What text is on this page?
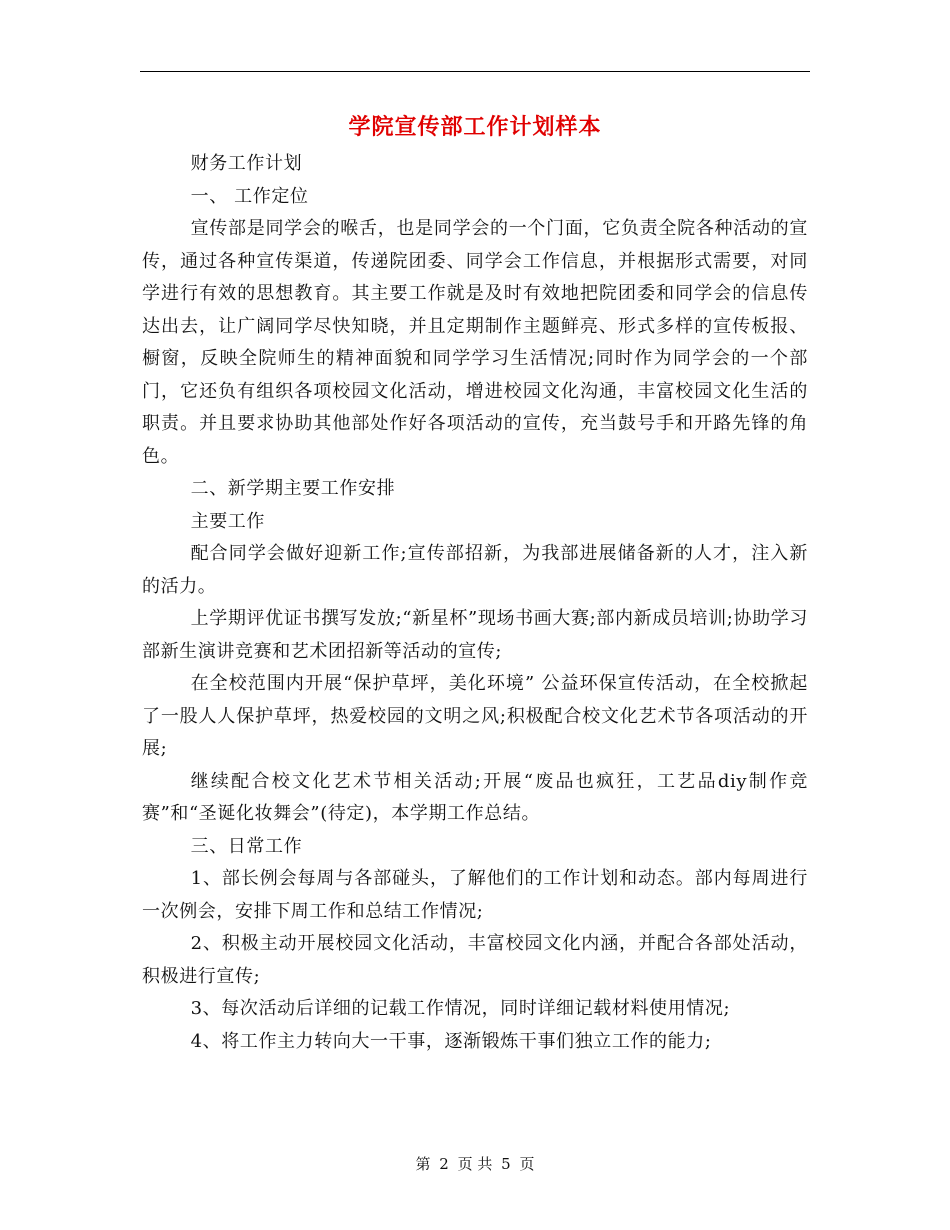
学院宣传部工作计划样本

财务工作计划

一、 工作定位

宣传部是同学会的喉舌，也是同学会的一个门面，它负责全院各种活动的宣传，通过各种宣传渠道，传递院团委、同学会工作信息，并根据形式需要，对同学进行有效的思想教育。其主要工作就是及时有效地把院团委和同学会的信息传达出去，让广阔同学尽快知晓，并且定期制作主题鲜亮、形式多样的宣传板报、橱窗，反映全院师生的精神面貌和同学学习生活情况;同时作为同学会的一个部门，它还负有组织各项校园文化活动，增进校园文化沟通，丰富校园文化生活的职责。并且要求协助其他部处作好各项活动的宣传，充当鼓号手和开路先锋的角色。

二、新学期主要工作安排

主要工作

配合同学会做好迎新工作;宣传部招新，为我部进展储备新的人才，注入新的活力。

上学期评优证书撰写发放;“新星杯”现场书画大赛;部内新成员培训;协助学习部新生演讲竞赛和艺术团招新等活动的宣传;

在全校范围内开展“保护草坪，美化环境” 公益环保宣传活动，在全校掀起了一股人人保护草坪，热爱校园的文明之风;积极配合校文化艺术节各项活动的开展;

继续配合校文化艺术节相关活动;开展“废品也疯狂，工艺品diy制作竞赛”和“圣诞化妆舞会”(待定)，本学期工作总结。

三、日常工作

1、部长例会每周与各部碰头，了解他们的工作计划和动态。部内每周进行一次例会，安排下周工作和总结工作情况;

2、积极主动开展校园文化活动，丰富校园文化内涵，并配合各部处活动，积极进行宣传;

3、每次活动后详细的记载工作情况，同时详细记载材料使用情况;

4、将工作主力转向大一干事，逐渐锻炼干事们独立工作的能力;

第 2 页 共 5 页
